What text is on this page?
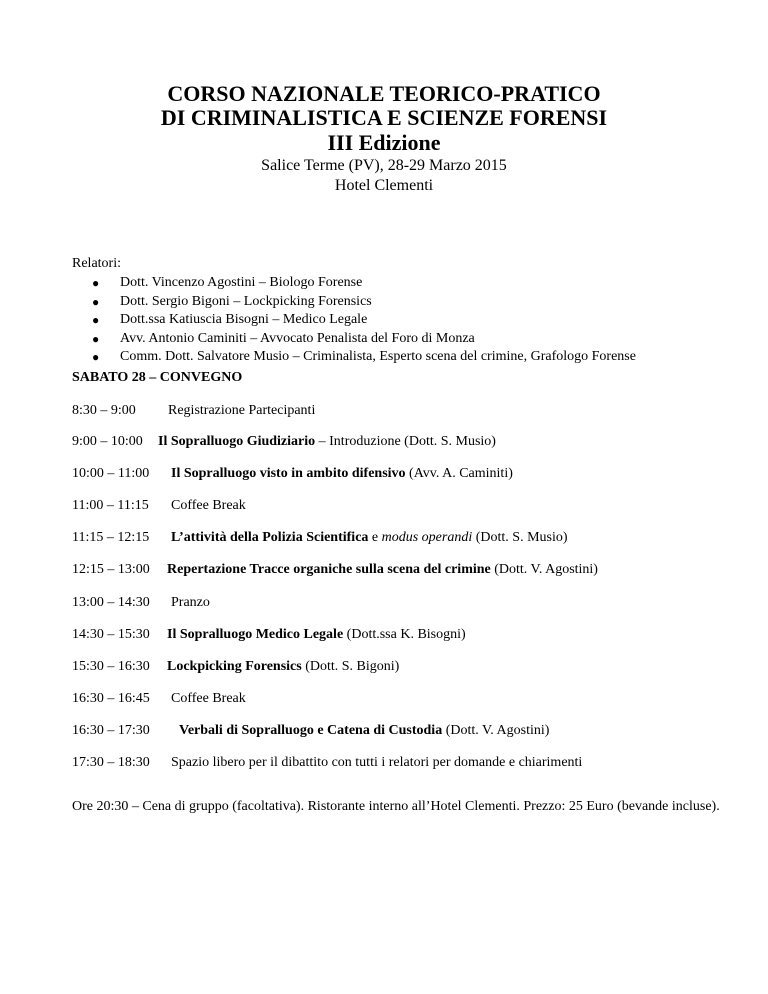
CORSO NAZIONALE TEORICO-PRATICO
DI CRIMINALISTICA E SCIENZE FORENSI
III Edizione
Salice Terme (PV), 28-29 Marzo 2015
Hotel Clementi
Relatori:
● Dott. Vincenzo Agostini – Biologo Forense
● Dott. Sergio Bigoni – Lockpicking Forensics
● Dott.ssa Katiuscia Bisogni – Medico Legale
● Avv. Antonio Caminiti – Avvocato Penalista del Foro di Monza
● Comm. Dott. Salvatore Musio – Criminalista, Esperto scena del crimine, Grafologo Forense
SABATO 28 – CONVEGNO
8:30 – 9:00 Registrazione Partecipanti
9:00 – 10:00 Il Sopralluogo Giudiziario – Introduzione (Dott. S. Musio)
10:00 – 11:00 Il Sopralluogo visto in ambito difensivo (Avv. A. Caminiti)
11:00 – 11:15 Coffee Break
11:15 – 12:15 L’attività della Polizia Scientifica e modus operandi (Dott. S. Musio)
12:15 – 13:00 Repertazione Tracce organiche sulla scena del crimine (Dott. V. Agostini)
13:00 – 14:30 Pranzo
14:30 – 15:30 Il Sopralluogo Medico Legale (Dott.ssa K. Bisogni)
15:30 – 16:30 Lockpicking Forensics (Dott. S. Bigoni)
16:30 – 16:45 Coffee Break
16:30 – 17:30 Verbali di Sopralluogo e Catena di Custodia (Dott. V. Agostini)
17:30 – 18:30 Spazio libero per il dibattito con tutti i relatori per domande e chiarimenti
Ore 20:30 – Cena di gruppo (facoltativa). Ristorante interno all’Hotel Clementi. Prezzo: 25 Euro (bevande incluse).
